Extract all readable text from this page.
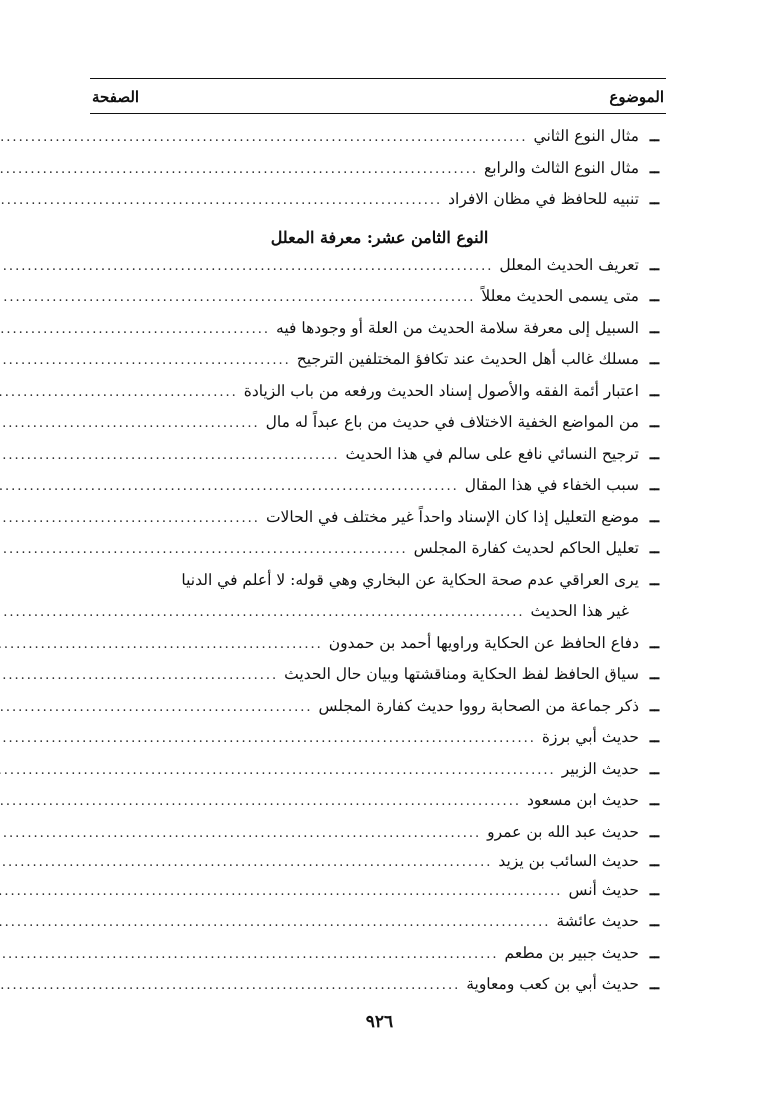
الموضوع
الصفحة
ــ
مثال النوع الثاني
.....
ــ
مثال النوع الثالث والرابع
.....
ــ
تنبيه للحافظ في مظان الافراد
.....
النوع الثامن عشر: معرفة المعلل
ــ
تعريف الحديث المعلل
.....
ــ
متى يسمى الحديث معللاً
.....
ــ
السبيل إلى معرفة سلامة الحديث من العلة أو وجودها فيه
.....
ــ
مسلك غالب أهل الحديث عند تكافؤ المختلفين الترجيح
.....
ــ
اعتبار أئمة الفقه والأصول إسناد الحديث ورفعه من باب الزيادة
.....
ــ
من المواضع الخفية الاختلاف في حديث من باع عبداً له مال
.....
ــ
ترجيح النسائي نافع على سالم في هذا الحديث
.....
ــ
سبب الخفاء في هذا المقال
.....
ــ
موضع التعليل إذا كان الإسناد واحداً غير مختلف في الحالات
.....
ــ
تعليل الحاكم لحديث كفارة المجلس
.....
ــ
يرى العراقي عدم صحة الحكاية عن البخاري وهي قوله: لا أعلم في الدنيا
غير هذا الحديث
.....
ــ
دفاع الحافظ عن الحكاية وراويها أحمد بن حمدون
.....
ــ
سياق الحافظ لفظ الحكاية ومناقشتها وبيان حال الحديث
.....
ــ
ذكر جماعة من الصحابة رووا حديث كفارة المجلس
.....
ــ
حديث أبي برزة
.....
ــ
حديث الزبير
.....
ــ
حديث ابن مسعود
.....
ــ
حديث عبد الله بن عمرو
.....
ــ
حديث السائب بن يزيد
.....
ــ
حديث أنس
.....
ــ
حديث عائشة
.....
ــ
حديث جبير بن مطعم
.....
ــ
حديث أبي بن كعب ومعاوية
.....
٩٢٦
